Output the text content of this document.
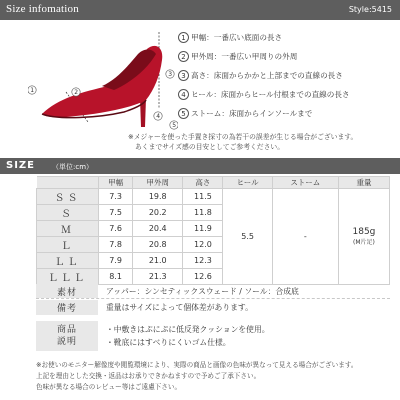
Size infomation	Style:5415
1	2
3
4
5
1 甲幅：一番広い底面の長さ
2 甲外周：一番広い甲周りの外周
3 高さ：床面からかかと上部までの直線の長さ
4 ヒール：床面からヒール付根までの直線の長さ
5 ストーム：床面からインソールまで
※メジャーを使った手置き採寸の為若干の誤差が生じる場合がございます。
あくまでサイズ感の目安としてご参考ください。
SIZE （単位:cm）
	甲幅	甲外周	高さ	ヒール	ストーム	重量
ＳＳ	7.3	19.8	11.5	5.5	-	185g
(M片足)

Ｓ	7.5	20.2	11.8			
Ｍ	7.6	20.4	11.9			
Ｌ	7.8	20.8	12.0			
ＬＬ	7.9	21.0	12.3			
ＬＬＬ	8.1	21.3	12.6			
素材	アッパー：シンセティックスウェード / ソール：合成底
備考	重量はサイズによって個体差があります。
商品
説明
・中敷きはぷにぷに低反発クッションを使用。
・靴底にはすべりにくいゴム仕様。
※お使いのモニター解像度や閲覧環境により、実際の商品と画像の色味が異なって見える場合がございます。
上記を理由とした交換・返品はお承りできかねますので予めご了承下さい。
色味が異なる場合のレビュー等はご遠慮下さい。
